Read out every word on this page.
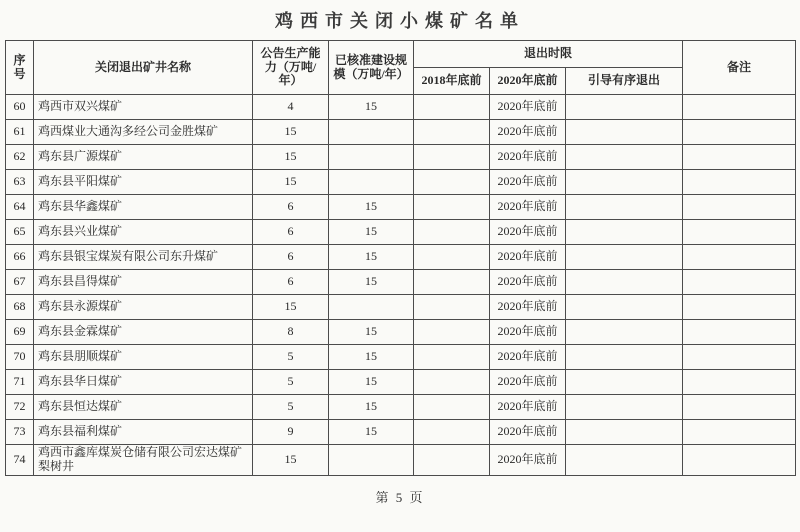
鸡西市关闭小煤矿名单
序号	关闭退出矿井名称	公告生产能力（万吨/年）	已核准建设规模（万吨/年）	退出时限			备注
				2018年底前	2020年底前	引导有序退出	
60	鸡西市双兴煤矿	4	15		2020年底前		
61	鸡西煤业大通沟多经公司金胜煤矿	15			2020年底前		
62	鸡东县广源煤矿	15			2020年底前		
63	鸡东县平阳煤矿	15			2020年底前		
64	鸡东县华鑫煤矿	6	15		2020年底前		
65	鸡东县兴业煤矿	6	15		2020年底前		
66	鸡东县银宝煤炭有限公司东升煤矿	6	15		2020年底前		
67	鸡东县昌得煤矿	6	15		2020年底前		
68	鸡东县永源煤矿	15			2020年底前		
69	鸡东县金霖煤矿	8	15		2020年底前		
70	鸡东县朋顺煤矿	5	15		2020年底前		
71	鸡东县华日煤矿	5	15		2020年底前		
72	鸡东县恒达煤矿	5	15		2020年底前		
73	鸡东县福利煤矿	9	15		2020年底前		
74	鸡西市鑫库煤炭仓储有限公司宏达煤矿梨树井	15			2020年底前		
第 5 页
